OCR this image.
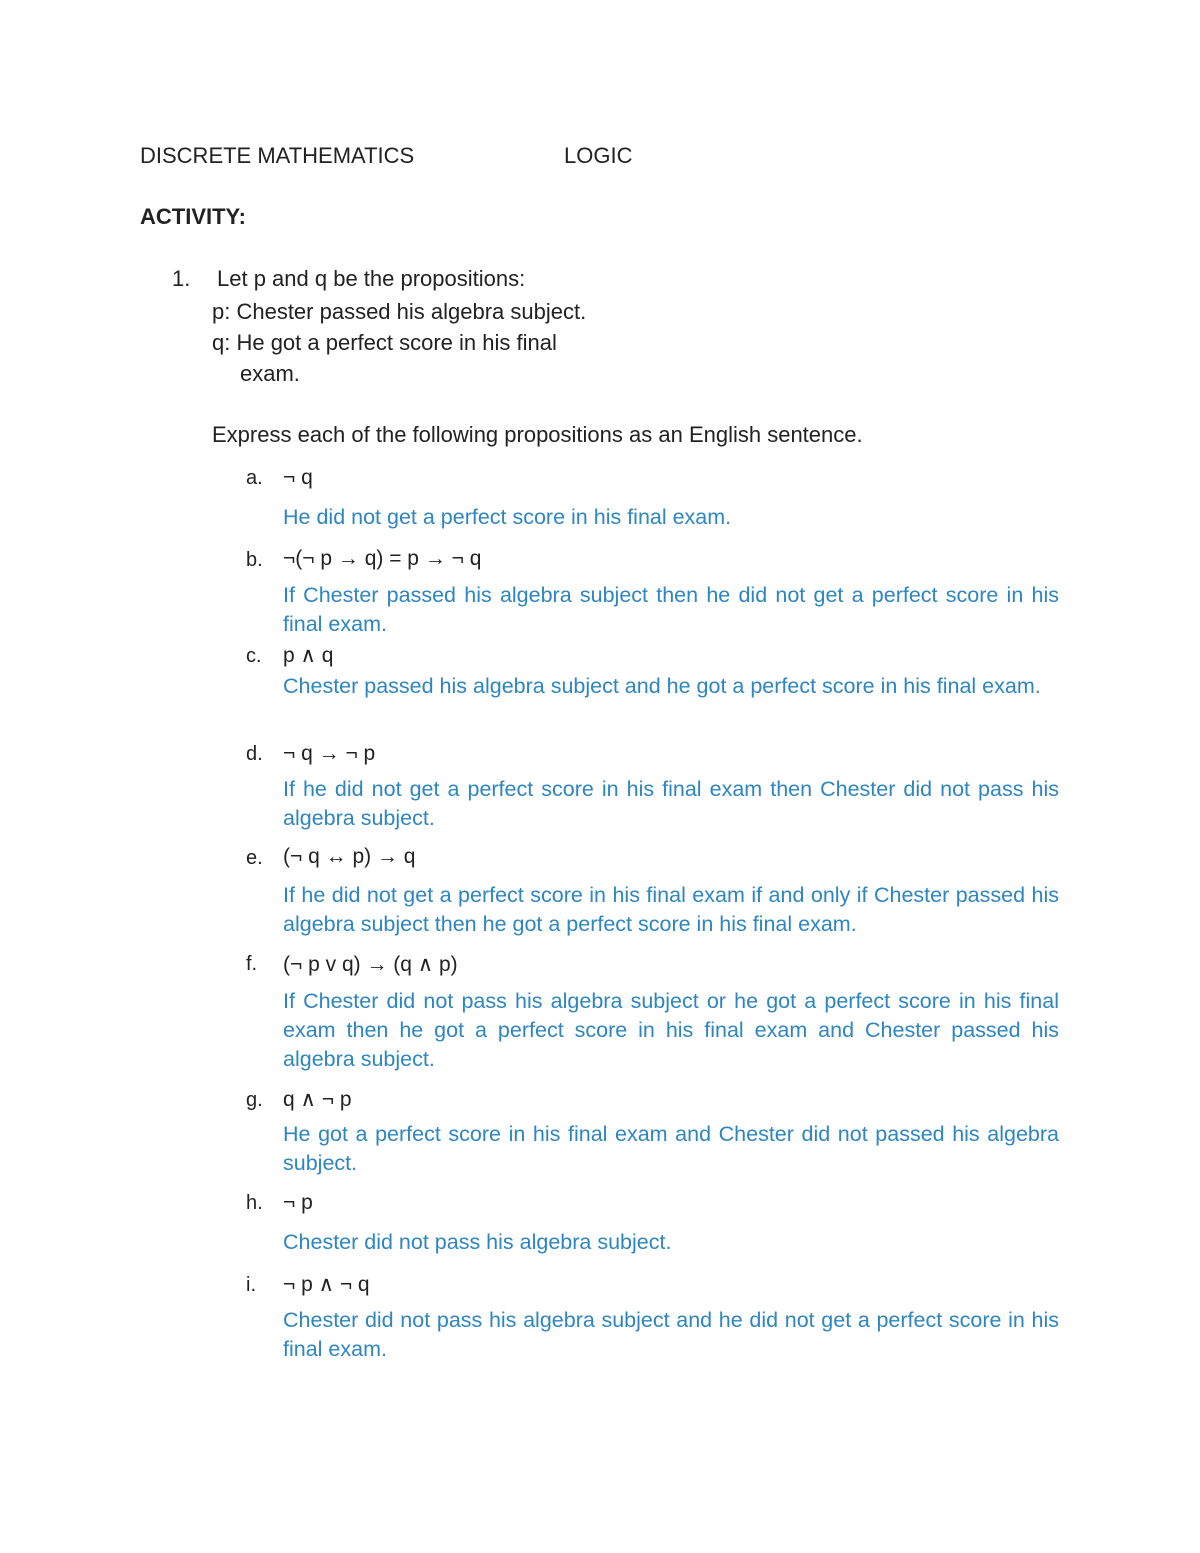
DISCRETE MATHEMATICS	LOGIC
ACTIVITY:
1. Let p and q be the propositions:
p: Chester passed his algebra subject.
q: He got a perfect score in his final
exam.
Express each of the following propositions as an English sentence.
a. ¬ q
He did not get a perfect score in his final exam.
b. ¬(¬ p → q) = p → ¬ q
If Chester passed his algebra subject then he did not get a perfect score in his final exam.
c. p ∧ q
Chester passed his algebra subject and he got a perfect score in his final exam.
d. ¬ q → ¬ p
If he did not get a perfect score in his final exam then Chester did not pass his algebra subject.
e. (¬ q ↔ p) → q
If he did not get a perfect score in his final exam if and only if Chester passed his algebra subject then he got a perfect score in his final exam.
f. (¬ p v q) → (q ∧ p)
If Chester did not pass his algebra subject or he got a perfect score in his final exam then he got a perfect score in his final exam and Chester passed his algebra subject.
g. q ∧ ¬ p
He got a perfect score in his final exam and Chester did not passed his algebra subject.
h. ¬ p
Chester did not pass his algebra subject.
i. ¬ p ∧ ¬ q
Chester did not pass his algebra subject and he did not get a perfect score in his final exam.
